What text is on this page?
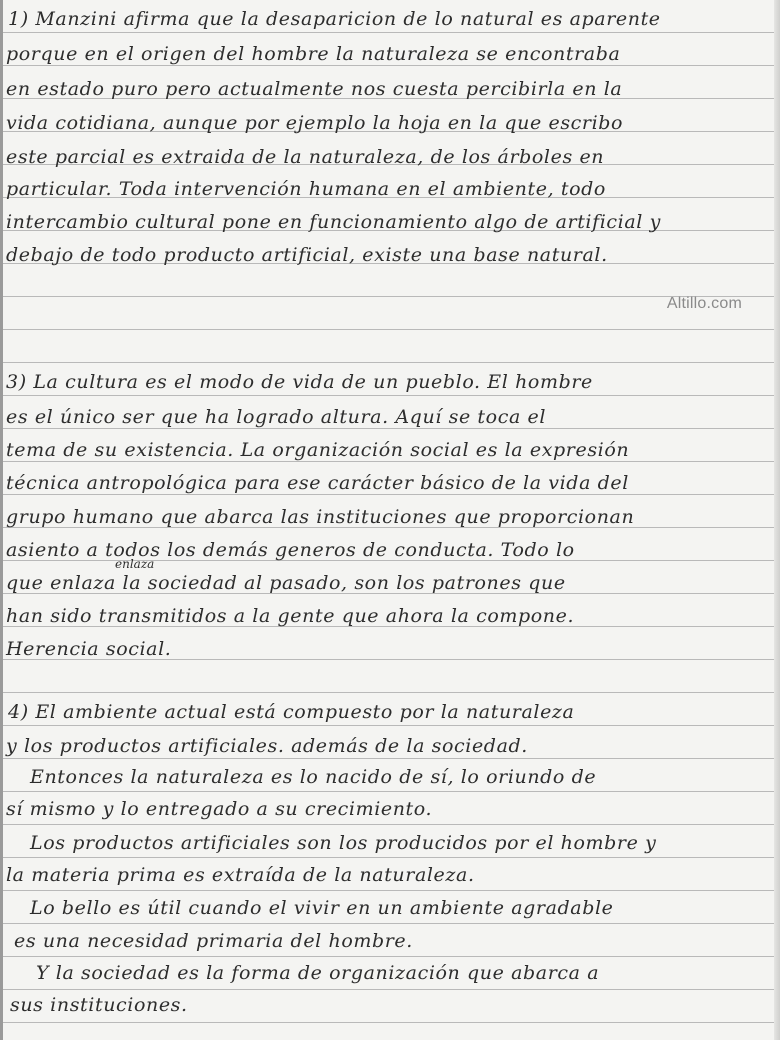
1) Manzini afirma que la desaparicion de lo natural es aparente
porque en el origen del hombre la naturaleza se encontraba
en estado puro pero actualmente nos cuesta percibirla en la
vida cotidiana, aunque por ejemplo la hoja en la que escribo
este parcial es extraida de la naturaleza, de los árboles en
particular. Toda intervención humana en el ambiente, todo
intercambio cultural pone en funcionamiento algo de artificial y
debajo de todo producto artificial, existe una base natural.
Altillo.com
3) La cultura es el modo de vida de un pueblo. El hombre
es el único ser que ha logrado altura. Aquí se toca el
tema de su existencia. La organización social es la expresión
técnica antropológica para ese carácter básico de la vida del
grupo humano que abarca las instituciones que proporcionan
asiento a todos los demás generos de conducta. Todo lo
enlaza
que enlaza la sociedad al pasado, son los patrones que
han sido transmitidos a la gente que ahora la compone.
Herencia social.
4) El ambiente actual está compuesto por la naturaleza
y los productos artificiales. además de la sociedad.
Entonces la naturaleza es lo nacido de sí, lo oriundo de
sí mismo y lo entregado a su crecimiento.
Los productos artificiales son los producidos por el hombre y
la materia prima es extraída de la naturaleza.
Lo bello es útil cuando el vivir en un ambiente agradable
es una necesidad primaria del hombre.
Y la sociedad es la forma de organización que abarca a
sus instituciones.
